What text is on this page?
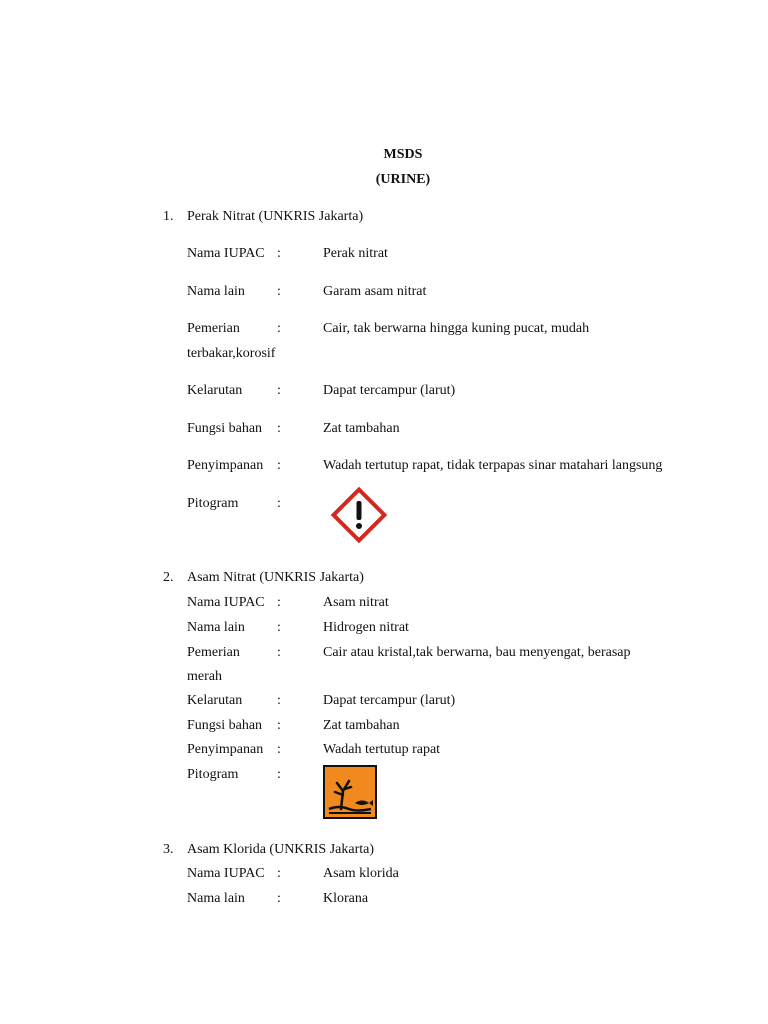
MSDS
(URINE)
1. Perak Nitrat (UNKRIS Jakarta)
Nama IUPAC :	Perak nitrat
Nama lain :	Garam asam nitrat
Pemerian	:	Cair, tak berwarna hingga kuning pucat, mudah
terbakar,korosif
Kelarutan :	Dapat tercampur (larut)
Fungsi bahan :	Zat tambahan
Penyimpanan :	Wadah tertutup rapat, tidak terpapas sinar matahari langsung
Pitogram	:
2. Asam Nitrat (UNKRIS Jakarta)
Nama IUPAC :	Asam nitrat
Nama lain :	Hidrogen nitrat
Pemerian	:	Cair atau kristal,tak berwarna, bau menyengat, berasap
merah
Kelarutan :	Dapat tercampur (larut)
Fungsi bahan :	Zat tambahan
Penyimpanan :	Wadah tertutup rapat
Pitogram	:
3. Asam Klorida (UNKRIS Jakarta)
Nama IUPAC :	Asam klorida
Nama lain :	Klorana
